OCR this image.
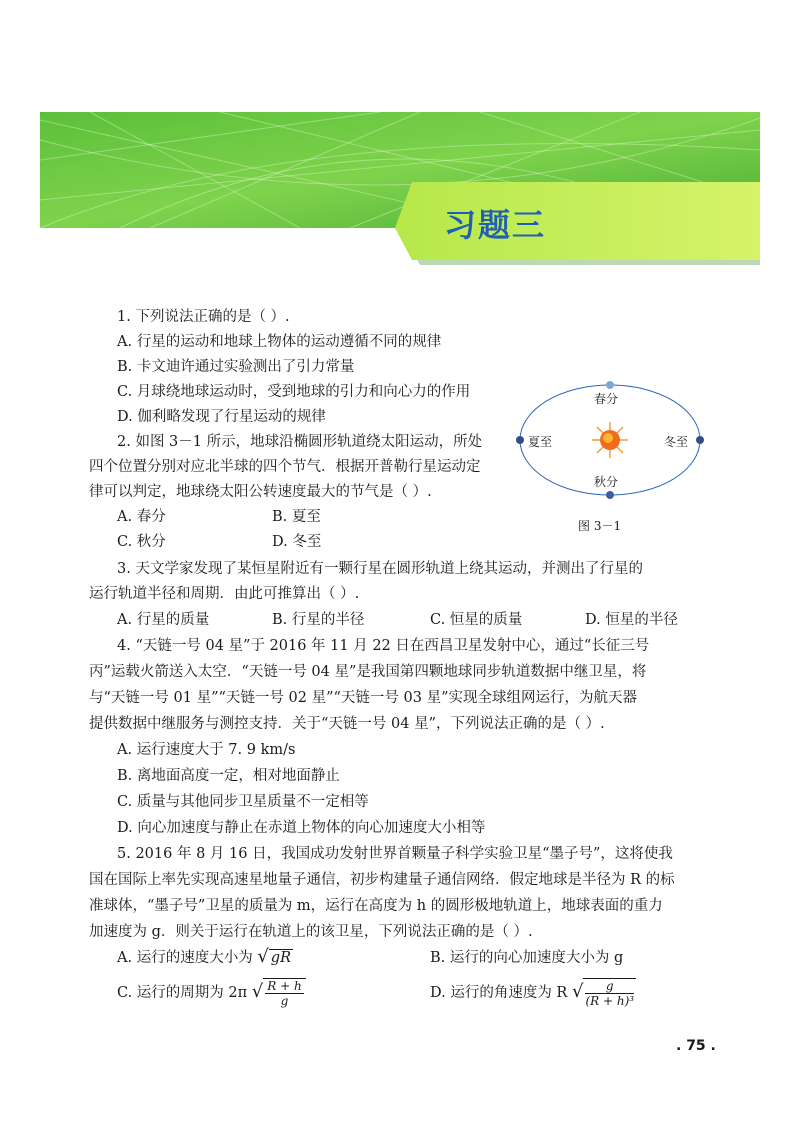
习题三
1. 下列说法正确的是（ ）.
A. 行星的运动和地球上物体的运动遵循不同的规律
B. 卡文迪许通过实验测出了引力常量
C. 月球绕地球运动时，受到地球的引力和向心力的作用
D. 伽利略发现了行星运动的规律
2. 如图 3－1 所示，地球沿椭圆形轨道绕太阳运动，所处
四个位置分别对应北半球的四个节气．根据开普勒行星运动定
律可以判定，地球绕太阳公转速度最大的节气是（ ）.
A. 春分	B. 夏至
C. 秋分	D. 冬至
春分
夏至	冬至
秋分
图 3－1
3. 天文学家发现了某恒星附近有一颗行星在圆形轨道上绕其运动，并测出了行星的
运行轨道半径和周期．由此可推算出（ ）.
A. 行星的质量	B. 行星的半径	C. 恒星的质量	D. 恒星的半径
4. “天链一号 04 星”于 2016 年 11 月 22 日在西昌卫星发射中心，通过“长征三号
丙”运载火箭送入太空．“天链一号 04 星”是我国第四颗地球同步轨道数据中继卫星，将
与“天链一号 01 星”“天链一号 02 星”“天链一号 03 星”实现全球组网运行，为航天器
提供数据中继服务与测控支持．关于“天链一号 04 星”，下列说法正确的是（ ）.
A. 运行速度大于 7. 9 km/s
B. 离地面高度一定，相对地面静止
C. 质量与其他同步卫星质量不一定相等
D. 向心加速度与静止在赤道上物体的向心加速度大小相等
5. 2016 年 8 月 16 日，我国成功发射世界首颗量子科学实验卫星“墨子号”，这将使我
国在国际上率先实现高速星地量子通信，初步构建量子通信网络．假定地球是半径为 R 的标
准球体，“墨子号”卫星的质量为 m，运行在高度为 h 的圆形极地轨道上，地球表面的重力
加速度为 g．则关于运行在轨道上的该卫星，下列说法正确的是（ ）.
A. 运行的速度大小为 √ gR	B. 运行的向心加速度大小为 g
C. 运行的周期为 2π √ $\frac{R + h}{g}$	D. 运行的角速度为 R √ $\frac{g}{\text{(R + h)³}}$
. 75 .
